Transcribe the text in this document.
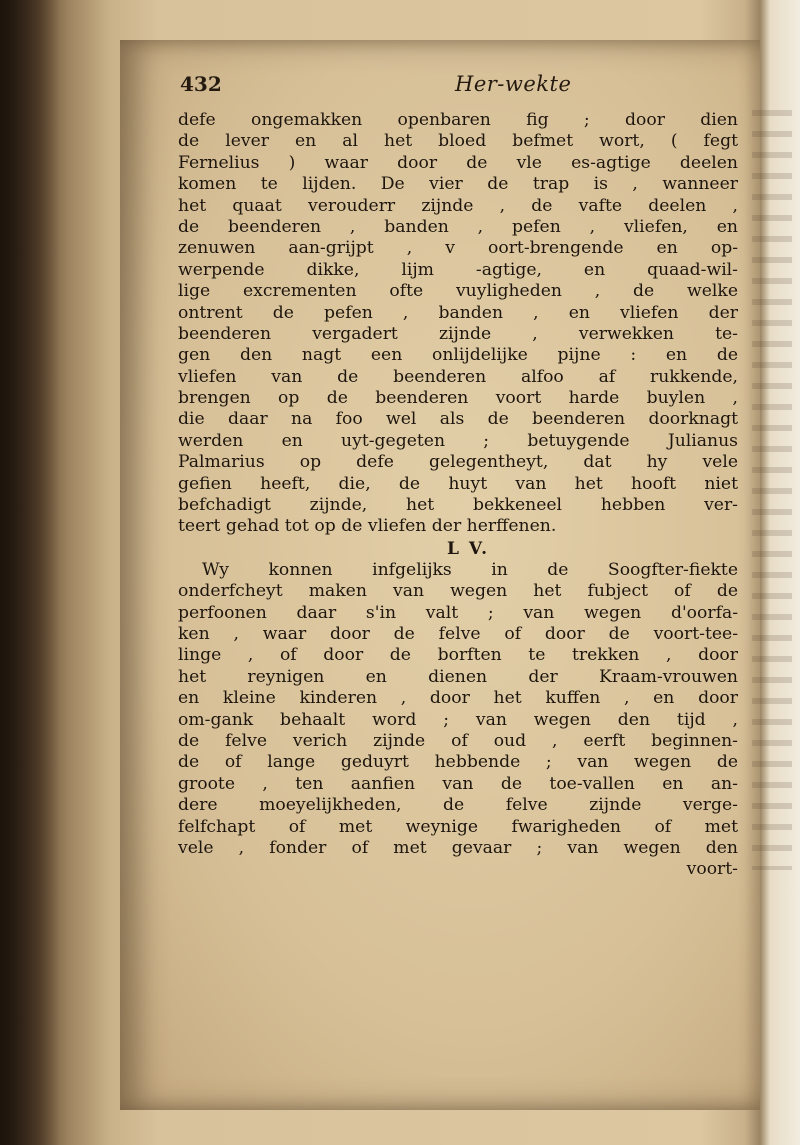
432	Her-wekte
defe ongemakken openbaren fig ; door dien
de lever en al het bloed befmet wort, ( fegt
Fernelius ) waar door de vle es-agtige deelen
komen te lijden. De vier de trap is , wanneer
het quaat verouderr zijnde , de vafte deelen ,
de beenderen , banden , pefen , vliefen, en
zenuwen aan-grijpt , v oort-brengende en op-
werpende dikke, lijm -agtige, en quaad-wil-
lige excrementen ofte vuyligheden , de welke
ontrent de pefen , banden , en vliefen der
beenderen vergadert zijnde , verwekken te-
gen den nagt een onlijdelijke pijne : en de
vliefen van de beenderen alfoo af rukkende,
brengen op de beenderen voort harde buylen ,
die daar na foo wel als de beenderen doorknagt
werden en uyt-gegeten ; betuygende Julianus
Palmarius op defe gelegentheyt, dat hy vele
gefien heeft, die, de huyt van het hooft niet
befchadigt zijnde, het bekkeneel hebben ver-
teert gehad tot op de vliefen der herffenen.
L V.
Wy konnen infgelijks in de Soogfter-fiekte
onderfcheyt maken van wegen het fubject of de
perfoonen daar s'in valt ; van wegen d'oorfa-
ken , waar door de felve of door de voort-tee-
linge , of door de borften te trekken , door
het reynigen en dienen der Kraam-vrouwen
en kleine kinderen , door het kuffen , en door
om-gank behaalt word ; van wegen den tijd ,
de felve verich zijnde of oud , eerft beginnen-
de of lange geduyrt hebbende ; van wegen de
groote , ten aanfien van de toe-vallen en an-
dere moeyelijkheden, de felve zijnde verge-
felfchapt of met weynige fwarigheden of met
vele , fonder of met gevaar ; van wegen den
voort-
